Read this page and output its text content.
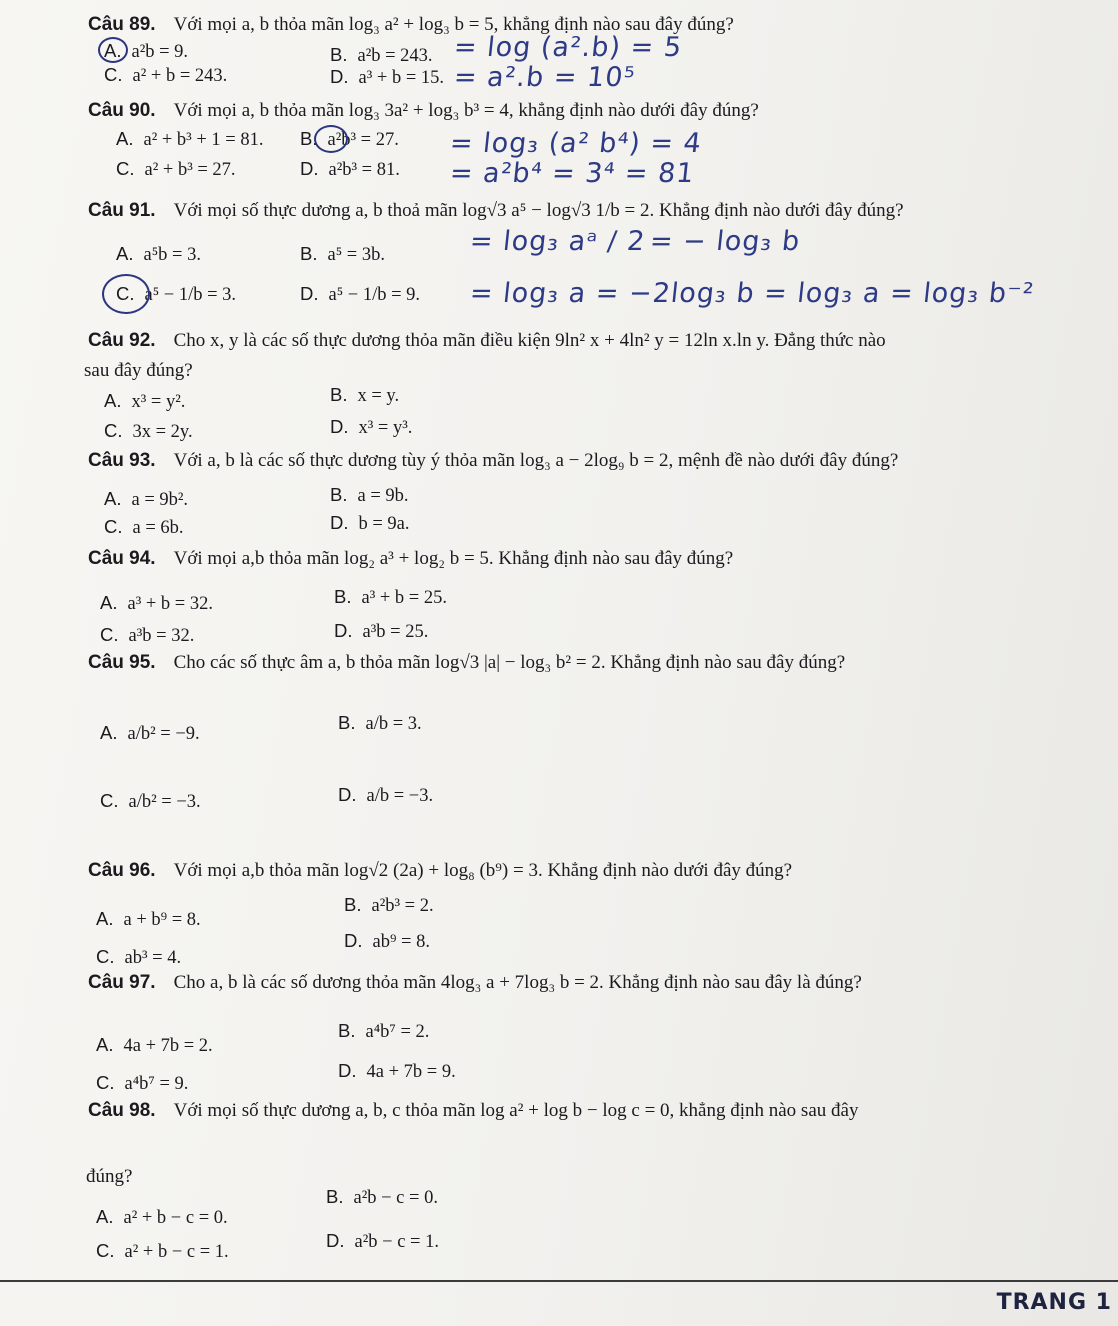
Câu 89. Với mọi a, b thỏa mãn log₃ a² + log₃ b = 5, khẳng định nào sau đây đúng?
A. a²b = 9.	B. a²b = 243.
C. a² + b = 243.	D. a³ + b = 15.
= log (a².b) = 5
= a².b = 10⁵
Câu 90. Với mọi a, b thỏa mãn log₃ 3a² + log₃ b³ = 4, khẳng định nào dưới đây đúng?
A. a² + b³ + 1 = 81. B. a²b³ = 27.
C. a² + b³ = 27.	D. a²b³ = 81.
= log₃ (a² b⁴) = 4
= a²b⁴ = 3⁴ = 81
Câu 91. Với mọi số thực dương a, b thoả mãn log√3 a⁵ − log√3 1/b = 2. Khẳng định nào dưới đây đúng?
A. a⁵b = 3.	B. a⁵ = 3b.
C. a⁵ − 1/b = 3.	D. a⁵ − 1/b = 9.
= log₃ aᵃ / 2 = − log₃ b
= log₃ a = −2log₃ b = log₃ a = log₃ b⁻²
Câu 92. Cho x, y là các số thực dương thỏa mãn điều kiện 9ln² x + 4ln² y = 12ln x.ln y. Đẳng thức nào
sau đây đúng?
A. x³ = y².	B. x = y.
C. 3x = 2y.	D. x³ = y³.
Câu 93. Với a, b là các số thực dương tùy ý thỏa mãn log₃ a − 2log₉ b = 2, mệnh đề nào dưới đây đúng?
A. a = 9b².	B. a = 9b.
C. a = 6b.	D. b = 9a.
Câu 94. Với mọi a,b thỏa mãn log₂ a³ + log₂ b = 5. Khẳng định nào sau đây đúng?
A. a³ + b = 32.	B. a³ + b = 25.
C. a³b = 32.	D. a³b = 25.
Câu 95. Cho các số thực âm a, b thỏa mãn log√3 |a| − log₃ b² = 2. Khẳng định nào sau đây đúng?
A. a/b² = −9.
B. a/b = 3.
C. a/b² = −3.	D. a/b = −3.
Câu 96. Với mọi a,b thỏa mãn log√2 (2a) + log₈ (b⁹) = 3. Khẳng định nào dưới đây đúng?
A. a + b⁹ = 8.
B. a²b³ = 2.
C. ab³ = 4.
D. ab⁹ = 8.
Câu 97. Cho a, b là các số dương thỏa mãn 4log₃ a + 7log₃ b = 2. Khẳng định nào sau đây là đúng?
A. 4a + 7b = 2.
B. a⁴b⁷ = 2.
C. a⁴b⁷ = 9.
D. 4a + 7b = 9.
Câu 98. Với mọi số thực dương a, b, c thỏa mãn log a² + log b − log c = 0, khẳng định nào sau đây
đúng?
A. a² + b − c = 0.
B. a²b − c = 0.
C. a² + b − c = 1.
D. a²b − c = 1.
TRANG 1
